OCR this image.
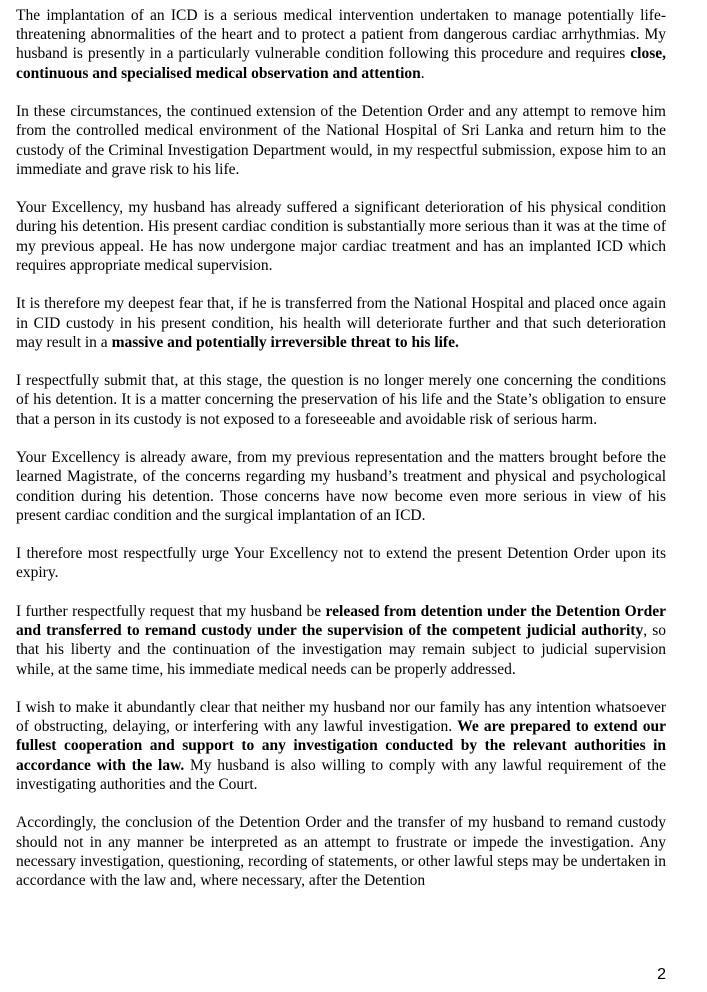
The implantation of an ICD is a serious medical intervention undertaken to manage potentially life-threatening abnormalities of the heart and to protect a patient from dangerous cardiac arrhythmias. My husband is presently in a particularly vulnerable condition following this procedure and requires close, continuous and specialised medical observation and attention.

In these circumstances, the continued extension of the Detention Order and any attempt to remove him from the controlled medical environment of the National Hospital of Sri Lanka and return him to the custody of the Criminal Investigation Department would, in my respectful submission, expose him to an immediate and grave risk to his life.

Your Excellency, my husband has already suffered a significant deterioration of his physical condition during his detention. His present cardiac condition is substantially more serious than it was at the time of my previous appeal. He has now undergone major cardiac treatment and has an implanted ICD which requires appropriate medical supervision.

It is therefore my deepest fear that, if he is transferred from the National Hospital and placed once again in CID custody in his present condition, his health will deteriorate further and that such deterioration may result in a massive and potentially irreversible threat to his life.

I respectfully submit that, at this stage, the question is no longer merely one concerning the conditions of his detention. It is a matter concerning the preservation of his life and the State’s obligation to ensure that a person in its custody is not exposed to a foreseeable and avoidable risk of serious harm.

Your Excellency is already aware, from my previous representation and the matters brought before the learned Magistrate, of the concerns regarding my husband’s treatment and physical and psychological condition during his detention. Those concerns have now become even more serious in view of his present cardiac condition and the surgical implantation of an ICD.

I therefore most respectfully urge Your Excellency not to extend the present Detention Order upon its expiry.

I further respectfully request that my husband be released from detention under the Detention Order and transferred to remand custody under the supervision of the competent judicial authority, so that his liberty and the continuation of the investigation may remain subject to judicial supervision while, at the same time, his immediate medical needs can be properly addressed.

I wish to make it abundantly clear that neither my husband nor our family has any intention whatsoever of obstructing, delaying, or interfering with any lawful investigation. We are prepared to extend our fullest cooperation and support to any investigation conducted by the relevant authorities in accordance with the law. My husband is also willing to comply with any lawful requirement of the investigating authorities and the Court.

Accordingly, the conclusion of the Detention Order and the transfer of my husband to remand custody should not in any manner be interpreted as an attempt to frustrate or impede the investigation. Any necessary investigation, questioning, recording of statements, or other lawful steps may be undertaken in accordance with the law and, where necessary, after the Detention

2
